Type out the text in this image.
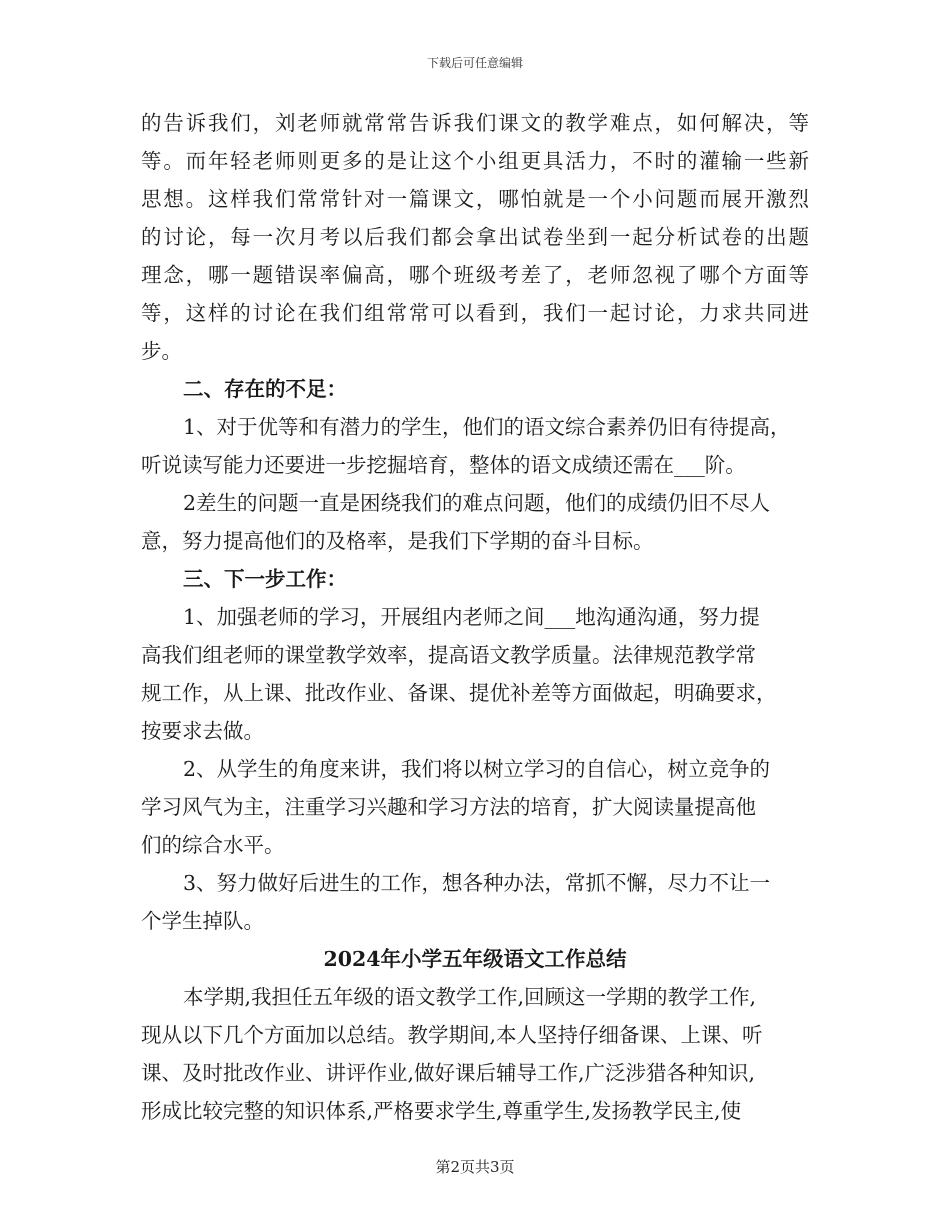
下载后可任意编辑
的告诉我们，刘老师就常常告诉我们课文的教学难点，如何解决，等
等。而年轻老师则更多的是让这个小组更具活力，不时的灌输一些新
思想。这样我们常常针对一篇课文，哪怕就是一个小问题而展开激烈
的讨论，每一次月考以后我们都会拿出试卷坐到一起分析试卷的出题
理念，哪一题错误率偏高，哪个班级考差了，老师忽视了哪个方面等
等，这样的讨论在我们组常常可以看到，我们一起讨论，力求共同进
步。
二、存在的不足：
1、对于优等和有潜力的学生，他们的语文综合素养仍旧有待提高，
听说读写能力还要进一步挖掘培育，整体的语文成绩还需在___阶。
2差生的问题一直是困绕我们的难点问题，他们的成绩仍旧不尽人
意，努力提高他们的及格率，是我们下学期的奋斗目标。
三、下一步工作：
1、加强老师的学习，开展组内老师之间___地沟通沟通，努力提
高我们组老师的课堂教学效率，提高语文教学质量。法律规范教学常
规工作，从上课、批改作业、备课、提优补差等方面做起，明确要求，
按要求去做。
2、从学生的角度来讲，我们将以树立学习的自信心，树立竞争的
学习风气为主，注重学习兴趣和学习方法的培育，扩大阅读量提高他
们的综合水平。
3、努力做好后进生的工作，想各种办法，常抓不懈，尽力不让一
个学生掉队。
2024年小学五年级语文工作总结
本学期,我担任五年级的语文教学工作,回顾这一学期的教学工作,
现从以下几个方面加以总结。教学期间,本人坚持仔细备课、上课、听
课、及时批改作业、讲评作业,做好课后辅导工作,广泛涉猎各种知识,
形成比较完整的知识体系,严格要求学生,尊重学生,发扬教学民主,使
第2页共3页
